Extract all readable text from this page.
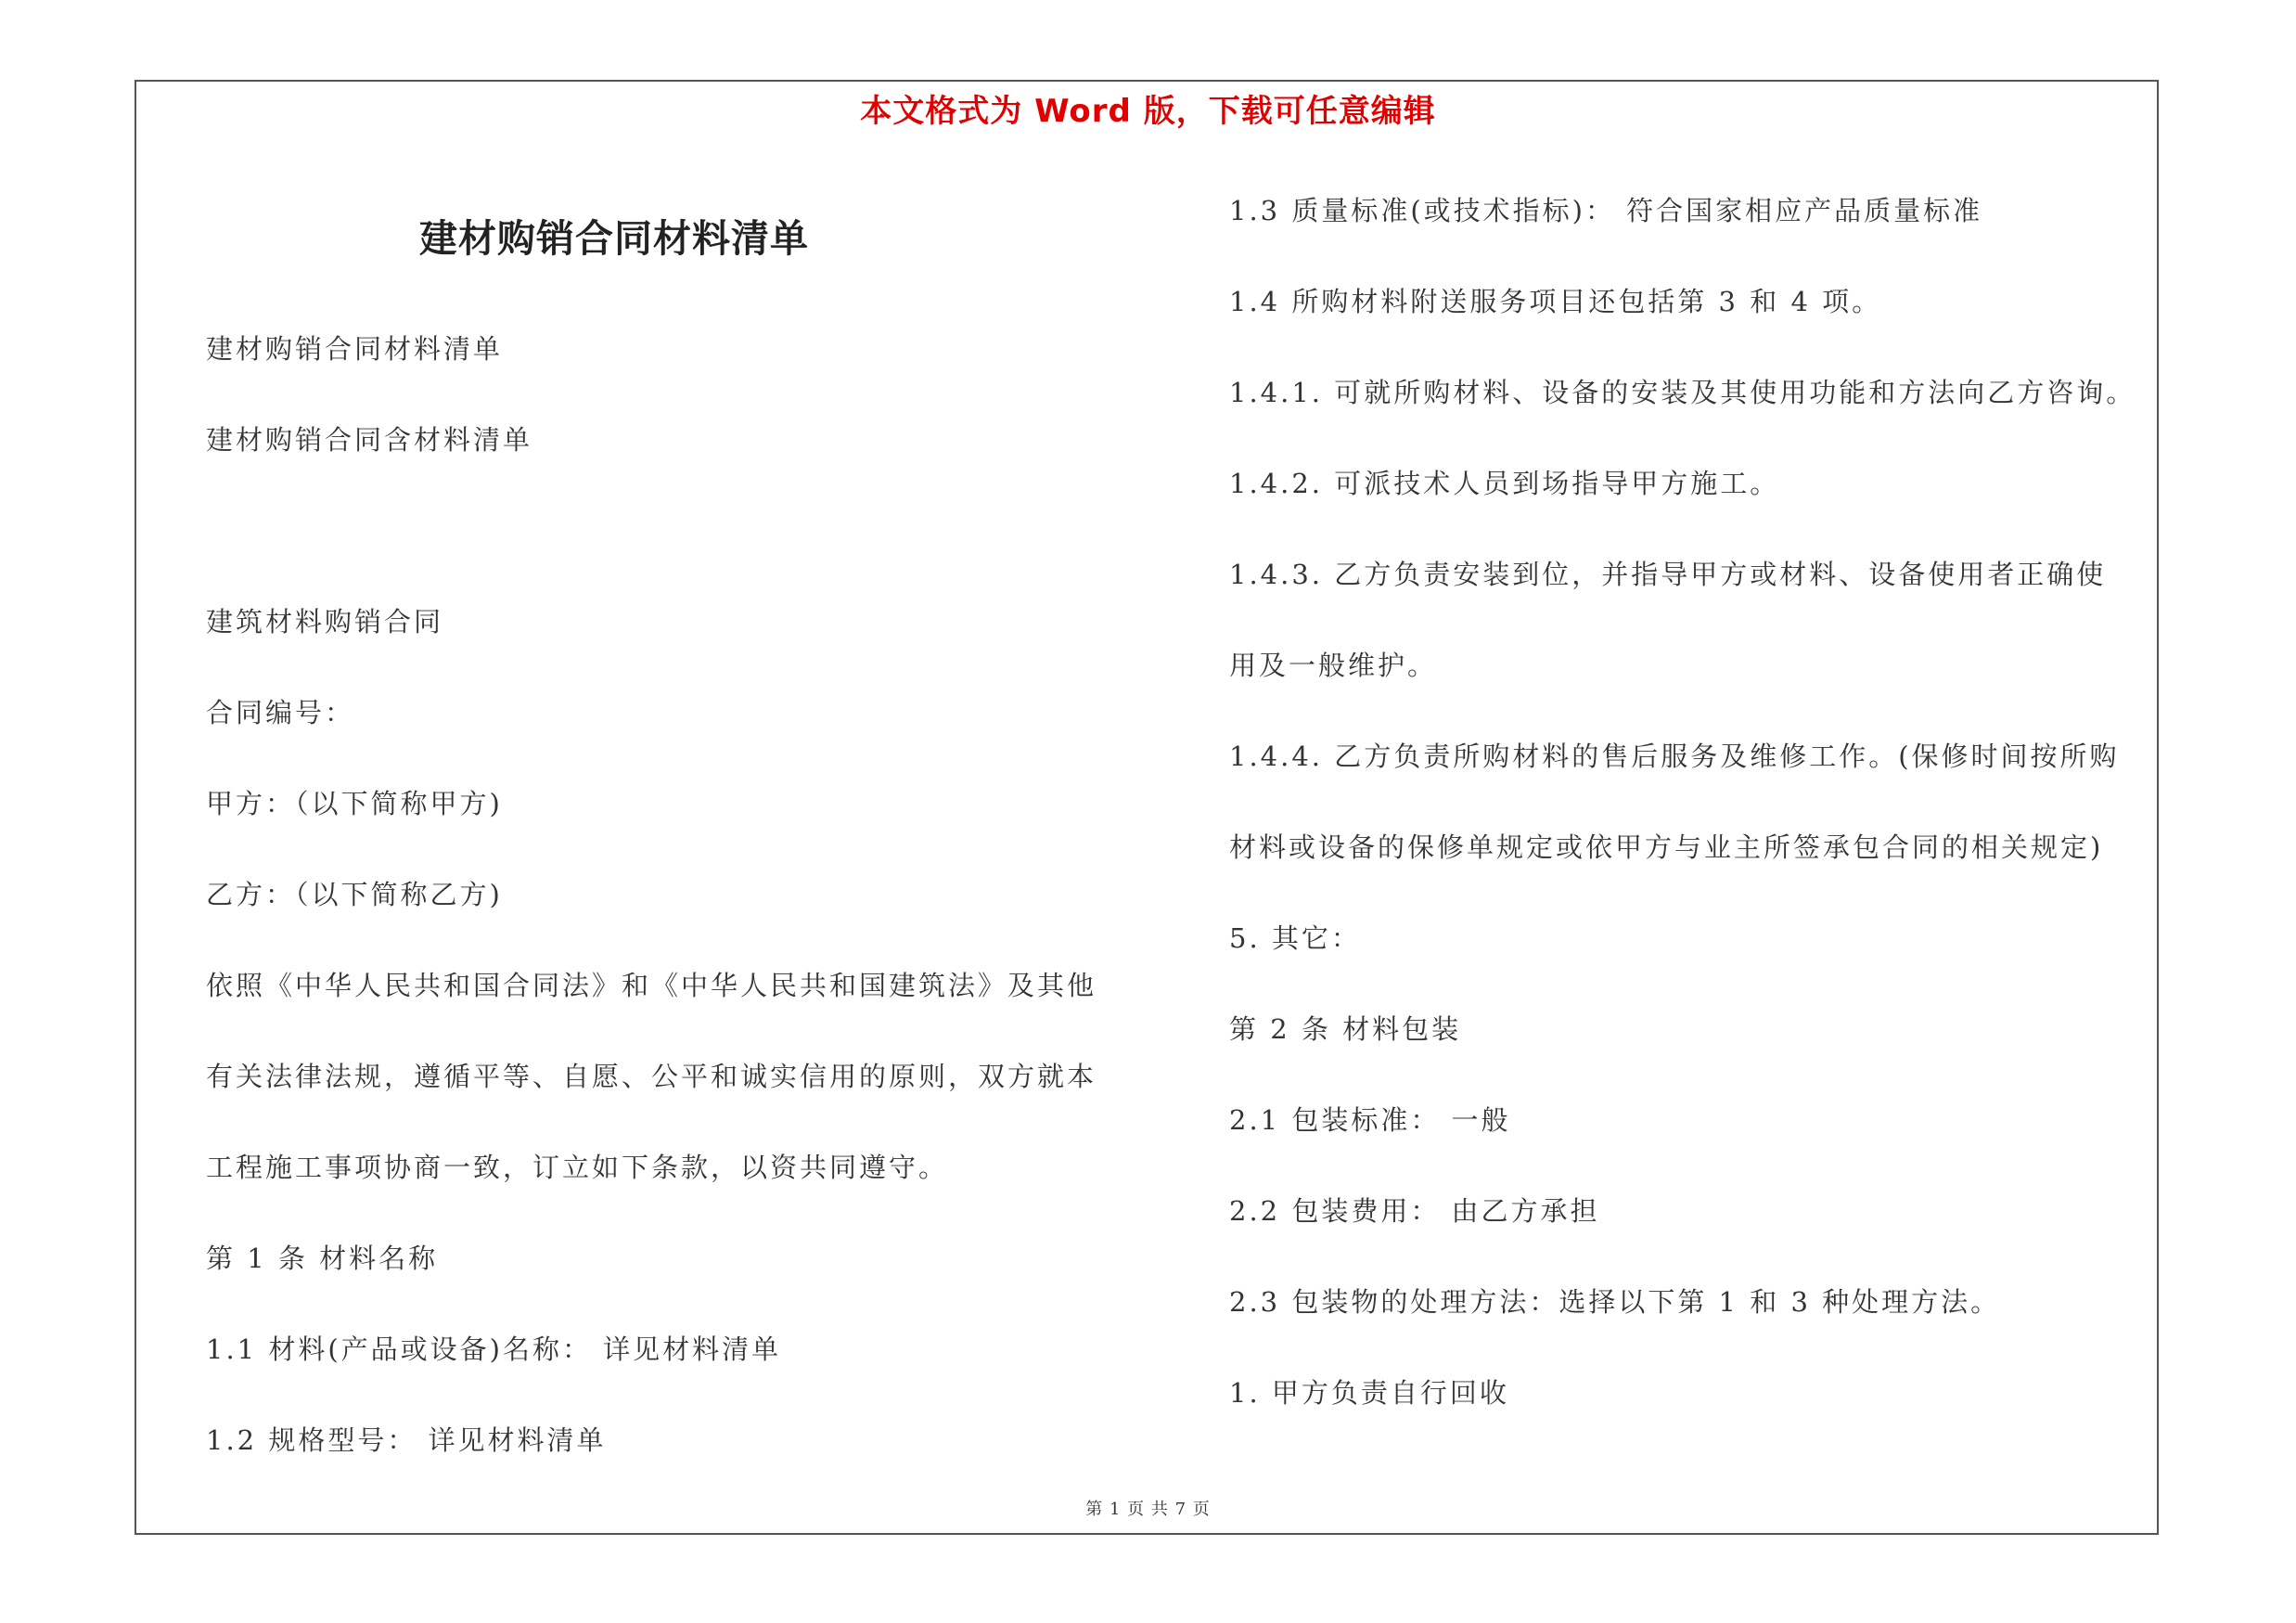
本文格式为 Word 版，下载可任意编辑

建材购销合同材料清单

建材购销合同材料清单

建材购销合同含材料清单

建筑材料购销合同

合同编号：

甲方：（以下简称甲方)

乙方：（以下简称乙方)

依照《中华人民共和国合同法》和《中华人民共和国建筑法》及其他

有关法律法规，遵循平等、自愿、公平和诚实信用的原则，双方就本

工程施工事项协商一致，订立如下条款，以资共同遵守。

第 1 条 材料名称

1.1 材料(产品或设备)名称： 详见材料清单

1.2 规格型号： 详见材料清单

1.3 质量标准(或技术指标)： 符合国家相应产品质量标准

1.4 所购材料附送服务项目还包括第 3 和 4 项。

1.4.1. 可就所购材料、设备的安装及其使用功能和方法向乙方咨询。

1.4.2. 可派技术人员到场指导甲方施工。

1.4.3. 乙方负责安装到位，并指导甲方或材料、设备使用者正确使

用及一般维护。

1.4.4. 乙方负责所购材料的售后服务及维修工作。(保修时间按所购

材料或设备的保修单规定或依甲方与业主所签承包合同的相关规定)

5. 其它：

第 2 条 材料包装

2.1 包装标准： 一般

2.2 包装费用： 由乙方承担

2.3 包装物的处理方法：选择以下第 1 和 3 种处理方法。

1. 甲方负责自行回收

第 1 页 共 7 页
